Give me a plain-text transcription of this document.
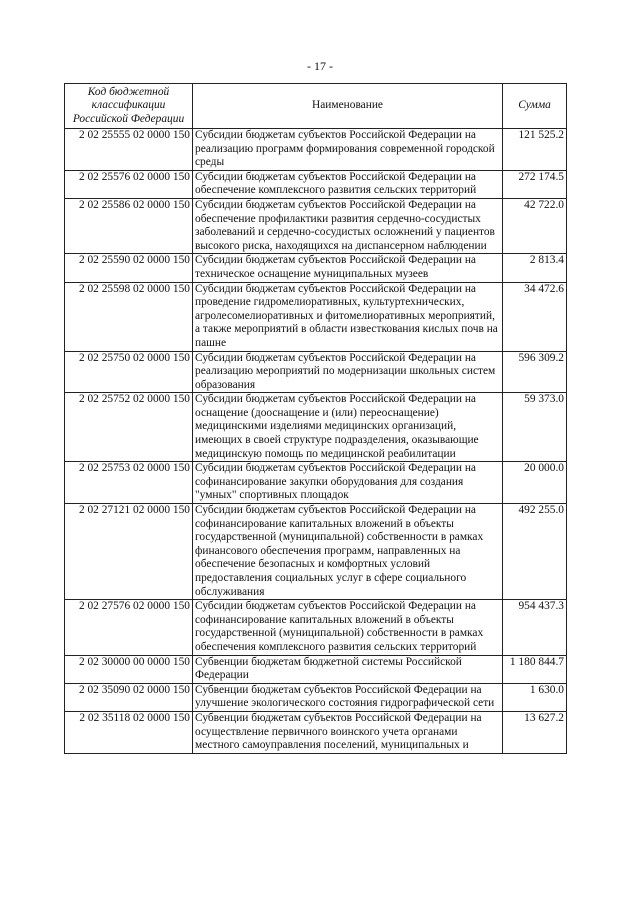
- 17 -
Код бюджетной классификации Российской Федерации	Наименование	Сумма
2 02 25555 02 0000 150	Субсидии бюджетам субъектов Российской Федерации на реализацию программ формирования современной городской среды	121 525.2
2 02 25576 02 0000 150	Субсидии бюджетам субъектов Российской Федерации на обеспечение комплексного развития сельских территорий	272 174.5
2 02 25586 02 0000 150	Субсидии бюджетам субъектов Российской Федерации на обеспечение профилактики развития сердечно-сосудистых заболеваний и сердечно-сосудистых осложнений у пациентов высокого риска, находящихся на диспансерном наблюдении	42 722.0
2 02 25590 02 0000 150	Субсидии бюджетам субъектов Российской Федерации на техническое оснащение муниципальных музеев	2 813.4
2 02 25598 02 0000 150	Субсидии бюджетам субъектов Российской Федерации на проведение гидромелиоративных, культуртехнических, агролесомелиоративных и фитомелиоративных мероприятий, а также мероприятий в области известкования кислых почв на пашне	34 472.6
2 02 25750 02 0000 150	Субсидии бюджетам субъектов Российской Федерации на реализацию мероприятий по модернизации школьных систем образования	596 309.2
2 02 25752 02 0000 150	Субсидии бюджетам субъектов Российской Федерации на оснащение (дооснащение и (или) переоснащение) медицинскими изделиями медицинских организаций, имеющих в своей структуре подразделения, оказывающие медицинскую помощь по медицинской реабилитации	59 373.0
2 02 25753 02 0000 150	Субсидии бюджетам субъектов Российской Федерации на софинансирование закупки оборудования для создания "умных" спортивных площадок	20 000.0
2 02 27121 02 0000 150	Субсидии бюджетам субъектов Российской Федерации на софинансирование капитальных вложений в объекты государственной (муниципальной) собственности в рамках финансового обеспечения программ, направленных на обеспечение безопасных и комфортных условий предоставления социальных услуг в сфере социального обслуживания	492 255.0
2 02 27576 02 0000 150	Субсидии бюджетам субъектов Российской Федерации на софинансирование капитальных вложений в объекты государственной (муниципальной) собственности в рамках обеспечения комплексного развития сельских территорий	954 437.3
2 02 30000 00 0000 150	Субвенции бюджетам бюджетной системы Российской Федерации	1 180 844.7
2 02 35090 02 0000 150	Субвенции бюджетам субъектов Российской Федерации на улучшение экологического состояния гидрографической сети	1 630.0
2 02 35118 02 0000 150	Субвенции бюджетам субъектов Российской Федерации на осуществление первичного воинского учета органами местного самоуправления поселений, муниципальных и	13 627.2
